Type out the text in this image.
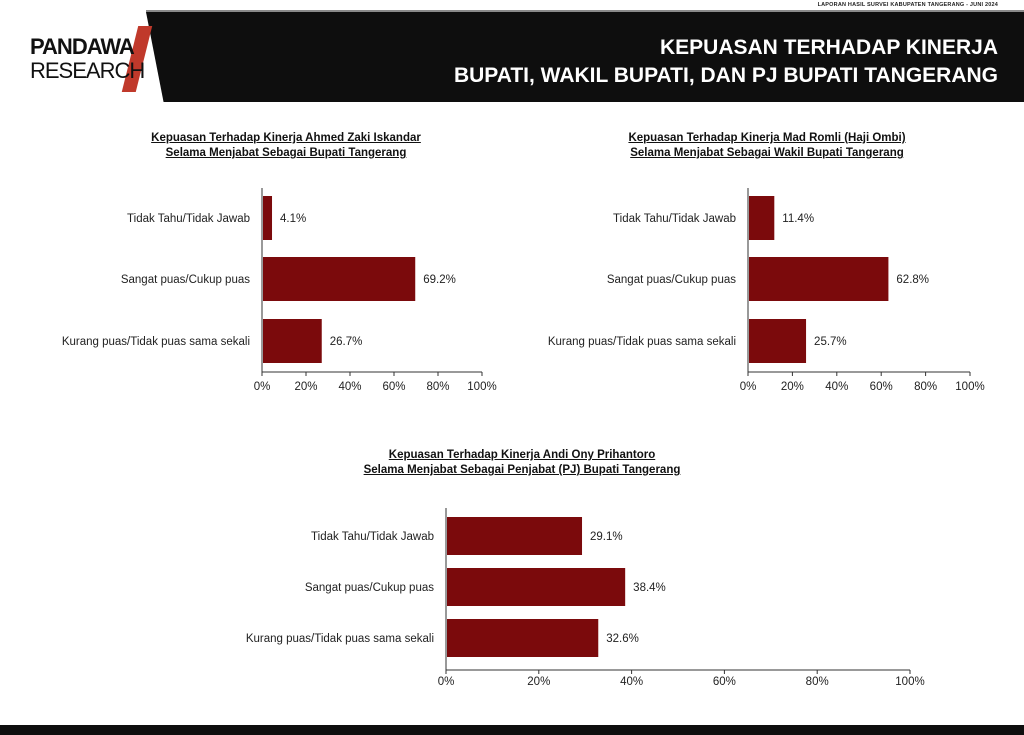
LAPORAN HASIL SURVEI KABUPATEN TANGERANG - JUNI 2024
KEPUASAN TERHADAP KINERJA
BUPATI, WAKIL BUPATI, DAN PJ BUPATI TANGERANG
PANDAWA
RESEARCH
Kepuasan Terhadap Kinerja Ahmed Zaki Iskandar
Selama Menjabat Sebagai Bupati Tangerang
Kepuasan Terhadap Kinerja Mad Romli (Haji Ombi)
Selama Menjabat Sebagai Wakil Bupati Tangerang
Kepuasan Terhadap Kinerja Andi Ony Prihantoro
Selama Menjabat Sebagai Penjabat (PJ) Bupati Tangerang
0% 20% 40% 60% 80% 100%
Tidak Tahu/Tidak Jawab	4.1%
Sangat puas/Cukup puas	69.2%
Kurang puas/Tidak puas sama sekali	26.7%
0% 20% 40% 60% 80% 100%
Tidak Tahu/Tidak Jawab	11.4%
Sangat puas/Cukup puas	62.8%
Kurang puas/Tidak puas sama sekali	25.7%
0%	20%	40%	60%	80%	100%
Tidak Tahu/Tidak Jawab	29.1%
Sangat puas/Cukup puas	38.4%
Kurang puas/Tidak puas sama sekali	32.6%
